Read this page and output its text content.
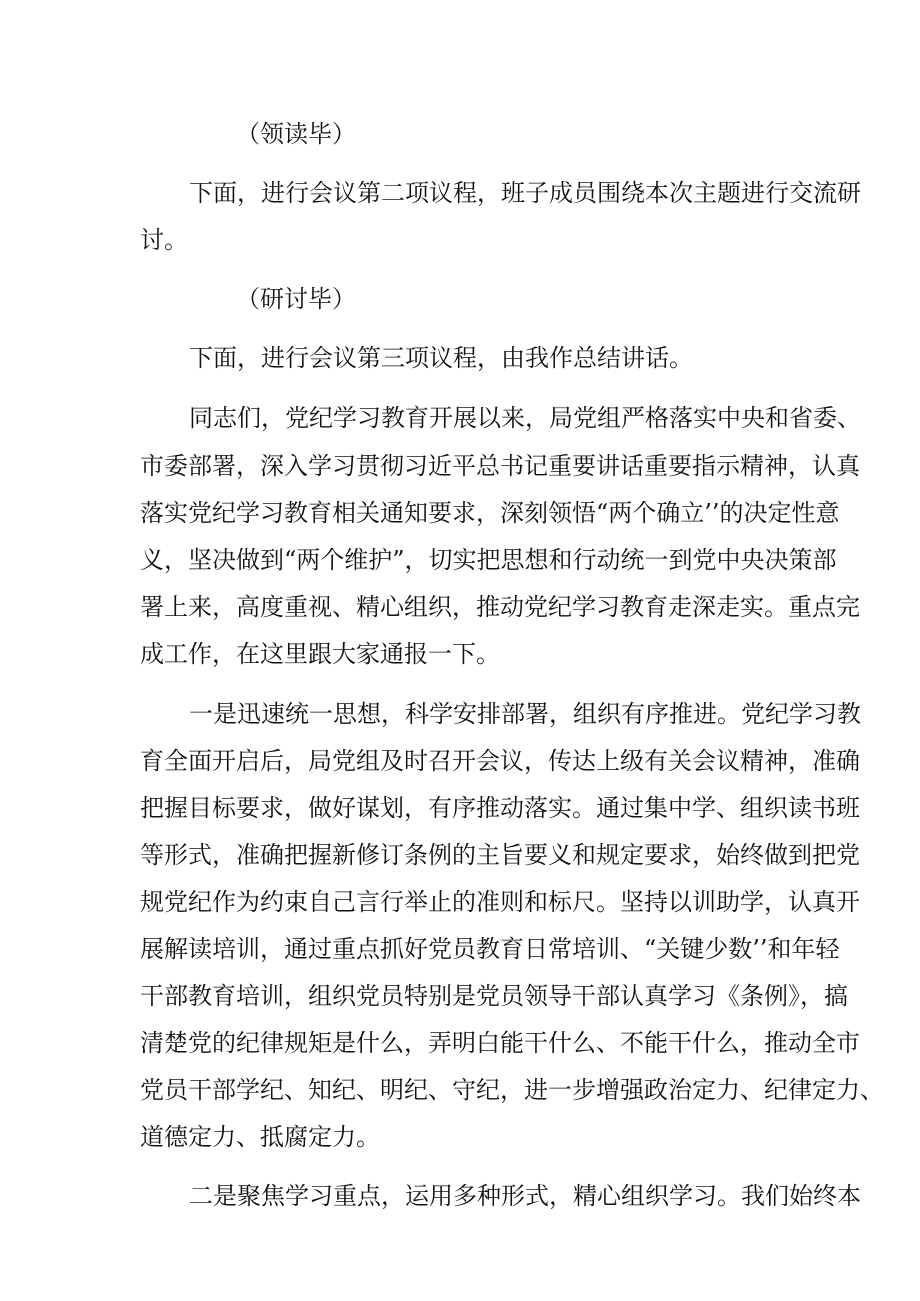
（领读毕）

下面，进行会议第二项议程，班子成员围绕本次主题进行交流研

讨。

（研讨毕）

下面，进行会议第三项议程，由我作总结讲话。

同志们，党纪学习教育开展以来，局党组严格落实中央和省委、

市委部署，深入学习贯彻习近平总书记重要讲话重要指示精神，认真

落实党纪学习教育相关通知要求，深刻领悟“两个确立’’的决定性意

义，坚决做到“两个维护”，切实把思想和行动统一到党中央决策部

署上来，高度重视、精心组织，推动党纪学习教育走深走实。重点完

成工作，在这里跟大家通报一下。

一是迅速统一思想，科学安排部署，组织有序推进。党纪学习教

育全面开启后，局党组及时召开会议，传达上级有关会议精神，准确

把握目标要求，做好谋划，有序推动落实。通过集中学、组织读书班

等形式，准确把握新修订条例的主旨要义和规定要求，始终做到把党

规党纪作为约束自己言行举止的准则和标尺。坚持以训助学，认真开

展解读培训，通过重点抓好党员教育日常培训、“关键少数’’和年轻

干部教育培训，组织党员特别是党员领导干部认真学习《条例》，搞

清楚党的纪律规矩是什么，弄明白能干什么、不能干什么，推动全市

党员干部学纪、知纪、明纪、守纪，进一步增强政治定力、纪律定力、

道德定力、抵腐定力。

二是聚焦学习重点，运用多种形式，精心组织学习。我们始终本
